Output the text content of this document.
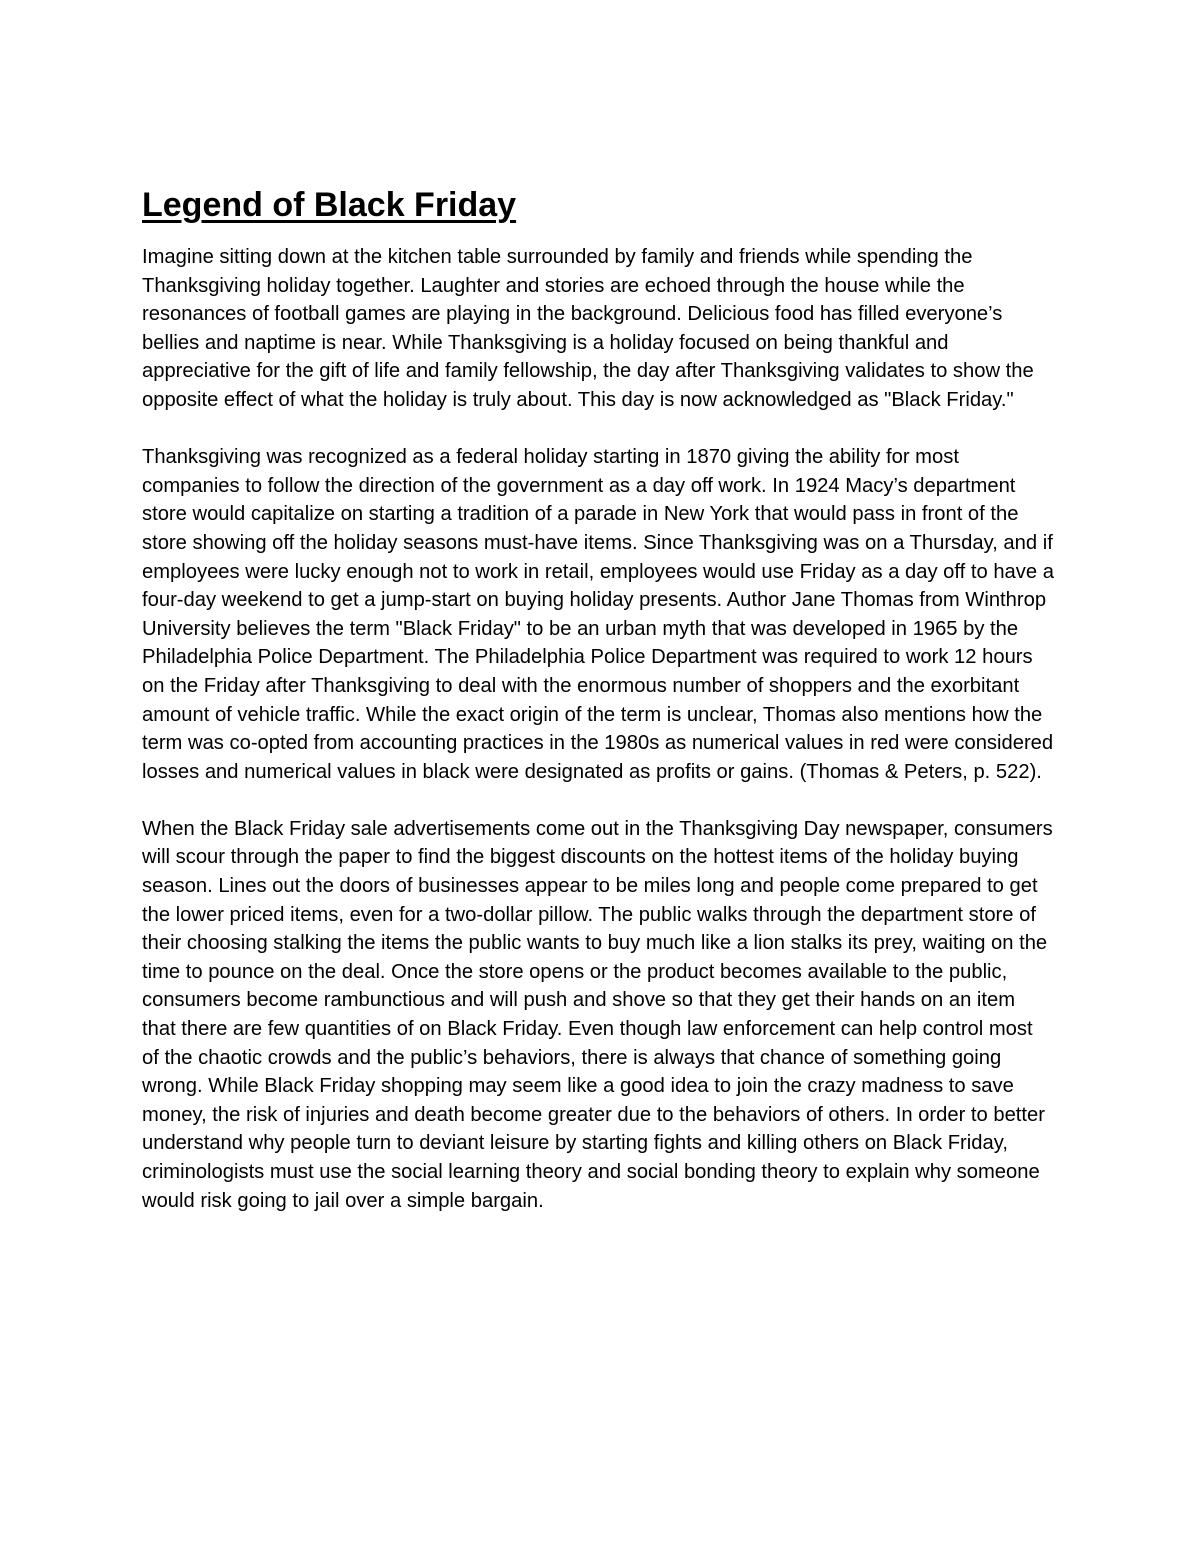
Legend of Black Friday

Imagine sitting down at the kitchen table surrounded by family and friends while spending the Thanksgiving holiday together. Laughter and stories are echoed through the house while the resonances of football games are playing in the background. Delicious food has filled everyone’s bellies and naptime is near. While Thanksgiving is a holiday focused on being thankful and appreciative for the gift of life and family fellowship, the day after Thanksgiving validates to show the opposite effect of what the holiday is truly about. This day is now acknowledged as "Black Friday."

Thanksgiving was recognized as a federal holiday starting in 1870 giving the ability for most companies to follow the direction of the government as a day off work. In 1924 Macy’s department store would capitalize on starting a tradition of a parade in New York that would pass in front of the store showing off the holiday seasons must-have items. Since Thanksgiving was on a Thursday, and if employees were lucky enough not to work in retail, employees would use Friday as a day off to have a four-day weekend to get a jump-start on buying holiday presents. Author Jane Thomas from Winthrop University believes the term "Black Friday" to be an urban myth that was developed in 1965 by the Philadelphia Police Department. The Philadelphia Police Department was required to work 12 hours on the Friday after Thanksgiving to deal with the enormous number of shoppers and the exorbitant amount of vehicle traffic. While the exact origin of the term is unclear, Thomas also mentions how the term was co-opted from accounting practices in the 1980s as numerical values in red were considered losses and numerical values in black were designated as profits or gains. (Thomas & Peters, p. 522).

When the Black Friday sale advertisements come out in the Thanksgiving Day newspaper, consumers will scour through the paper to find the biggest discounts on the hottest items of the holiday buying season. Lines out the doors of businesses appear to be miles long and people come prepared to get the lower priced items, even for a two-dollar pillow. The public walks through the department store of their choosing stalking the items the public wants to buy much like a lion stalks its prey, waiting on the time to pounce on the deal. Once the store opens or the product becomes available to the public, consumers become rambunctious and will push and shove so that they get their hands on an item that there are few quantities of on Black Friday. Even though law enforcement can help control most of the chaotic crowds and the public’s behaviors, there is always that chance of something going wrong. While Black Friday shopping may seem like a good idea to join the crazy madness to save money, the risk of injuries and death become greater due to the behaviors of others. In order to better understand why people turn to deviant leisure by starting fights and killing others on Black Friday, criminologists must use the social learning theory and social bonding theory to explain why someone would risk going to jail over a simple bargain.
